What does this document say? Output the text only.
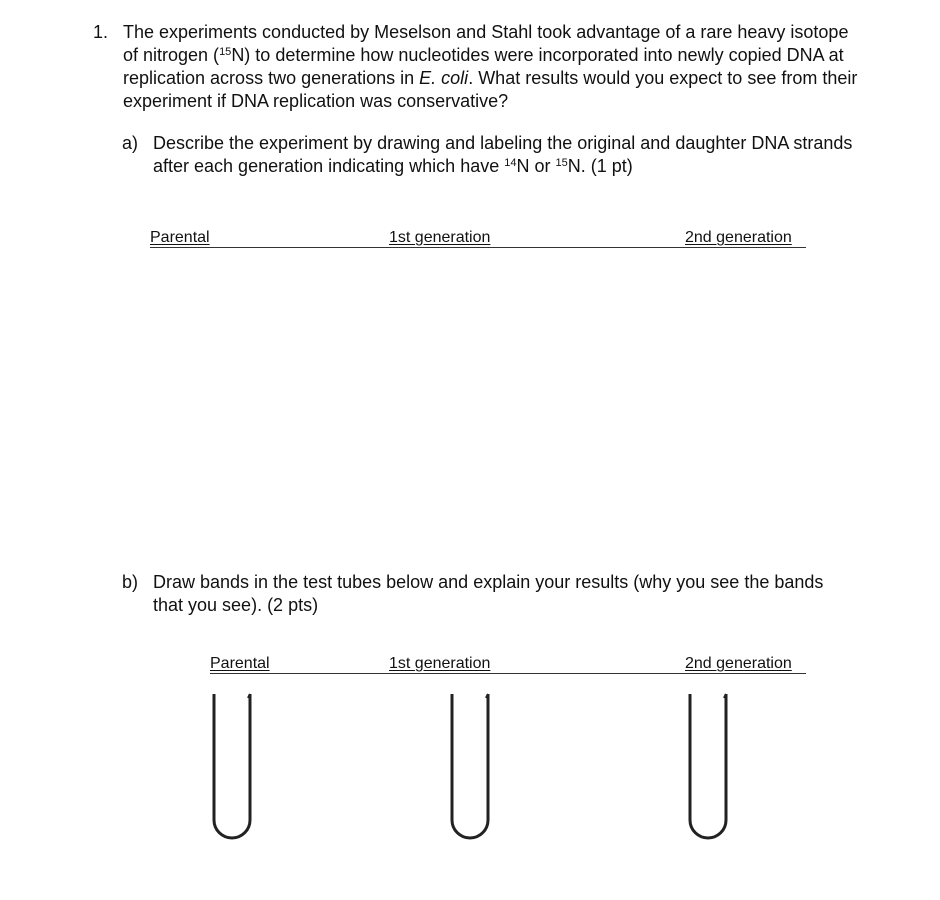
1. The experiments conducted by Meselson and Stahl took advantage of a rare heavy isotope of nitrogen ($^{15}$N) to determine how nucleotides were incorporated into newly copied DNA at replication across two generations in E. coli. What results would you expect to see from their experiment if DNA replication was conservative?
a) Describe the experiment by drawing and labeling the original and daughter DNA strands after each generation indicating which have $^{14}$N or $^{15}$N. (1 pt)
Parental	1st generation	2nd generation
b) Draw bands in the test tubes below and explain your results (why you see the bands that you see). (2 pts)
Parental	1st generation	2nd generation
